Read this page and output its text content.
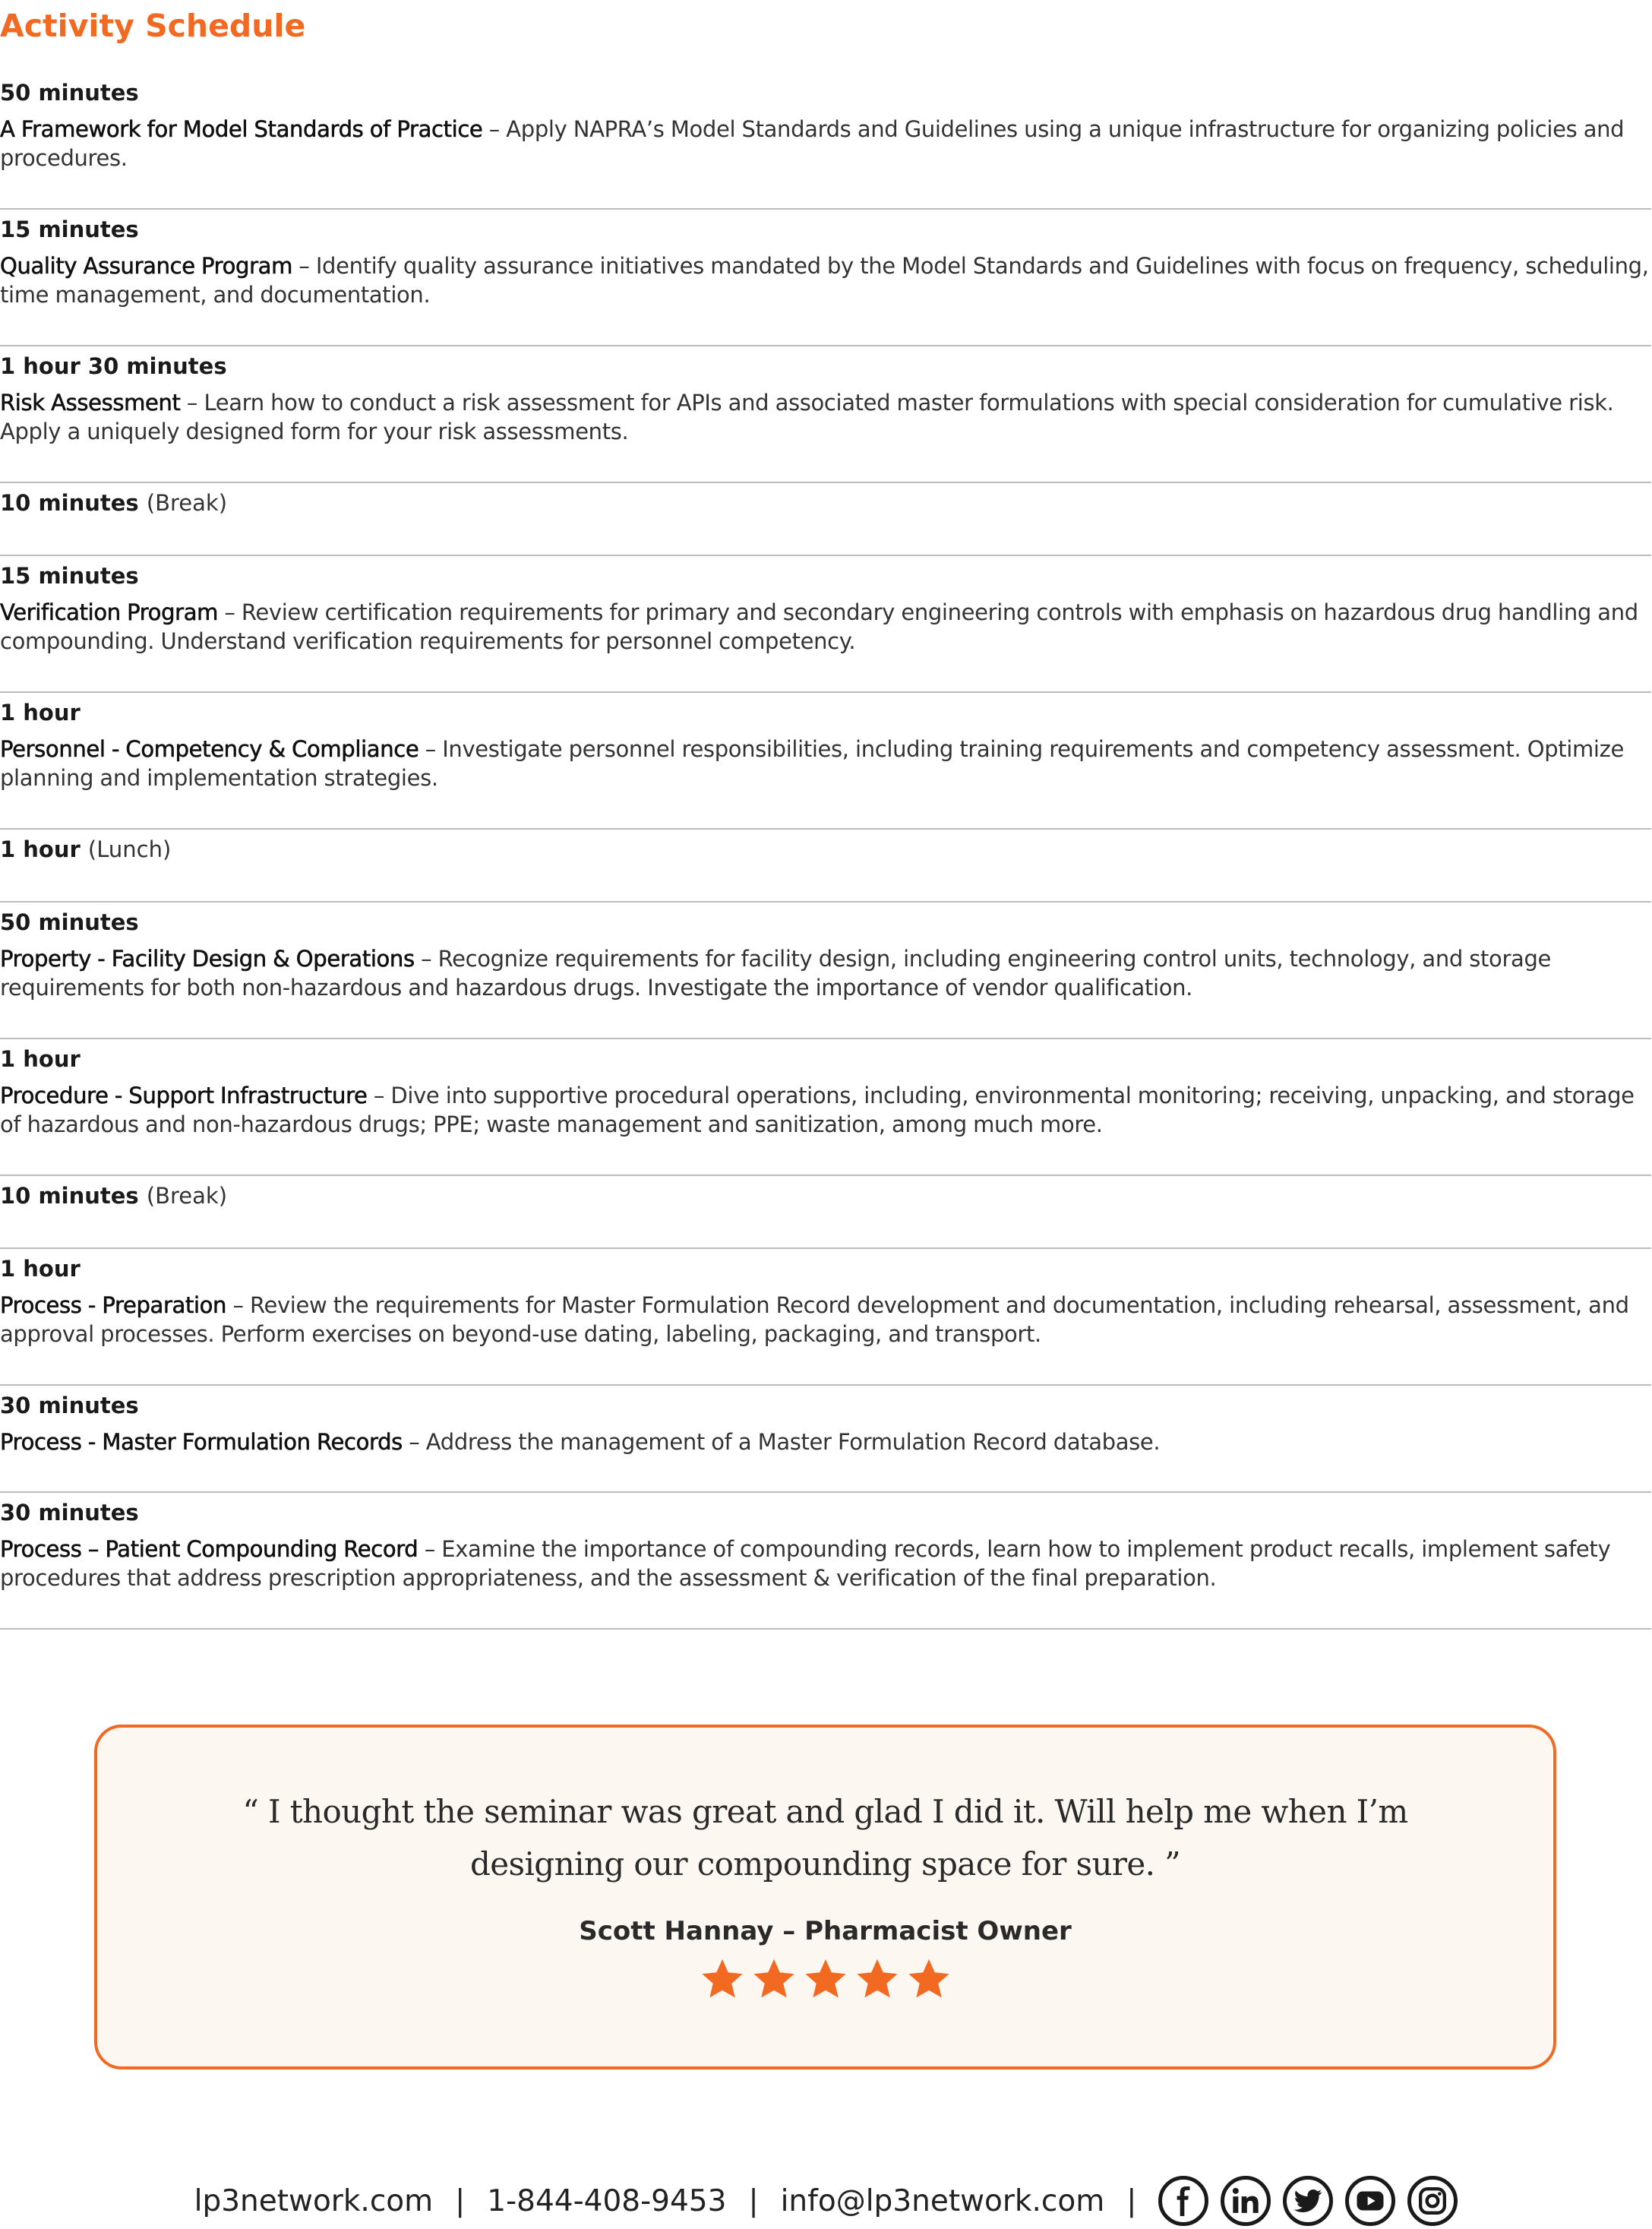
Activity Schedule
50 minutes
A Framework for Model Standards of Practice – Apply NAPRA’s Model Standards and Guidelines using a unique infrastructure for organizing policies and procedures.
15 minutes
Quality Assurance Program – Identify quality assurance initiatives mandated by the Model Standards and Guidelines with focus on frequency, scheduling, time management, and documentation.
1 hour 30 minutes
Risk Assessment – Learn how to conduct a risk assessment for APIs and associated master formulations with special consideration for cumulative risk. Apply a uniquely designed form for your risk assessments.
10 minutes (Break)
15 minutes
Verification Program – Review certification requirements for primary and secondary engineering controls with emphasis on hazardous drug handling and compounding. Understand verification requirements for personnel competency.
1 hour
Personnel - Competency & Compliance – Investigate personnel responsibilities, including training requirements and competency assessment. Optimize planning and implementation strategies.
1 hour (Lunch)
50 minutes
Property - Facility Design & Operations – Recognize requirements for facility design, including engineering control units, technology, and storage requirements for both non-hazardous and hazardous drugs. Investigate the importance of vendor qualification.
1 hour
Procedure - Support Infrastructure – Dive into supportive procedural operations, including, environmental monitoring; receiving, unpacking, and storage of hazardous and non-hazardous drugs; PPE; waste management and sanitization, among much more.
10 minutes (Break)
1 hour
Process - Preparation – Review the requirements for Master Formulation Record development and documentation, including rehearsal, assessment, and approval processes. Perform exercises on beyond-use dating, labeling, packaging, and transport.
30 minutes
Process - Master Formulation Records – Address the management of a Master Formulation Record database.
30 minutes
Process – Patient Compounding Record – Examine the importance of compounding records, learn how to implement product recalls, implement safety procedures that address prescription appropriateness, and the assessment & verification of the final preparation.
“ I thought the seminar was great and glad I did it. Will help me when I’m
designing our compounding space for sure. ”
Scott Hannay – Pharmacist Owner
lp3network.com | 1-844-408-9453 | info@lp3network.com |
